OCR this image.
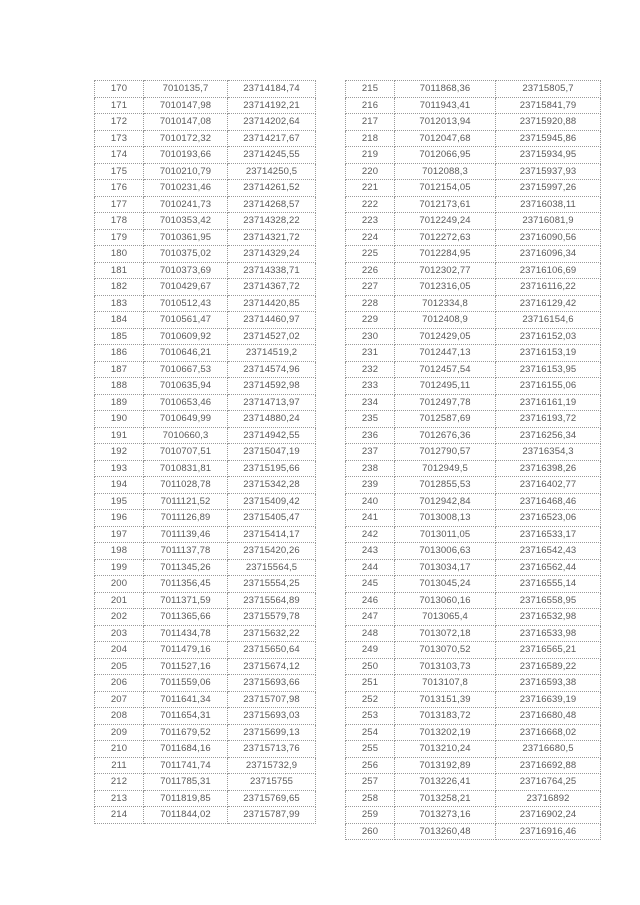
170	7010135,7	23714184,74
171	7010147,98	23714192,21
172	7010147,08	23714202,64
173	7010172,32	23714217,67
174	7010193,66	23714245,55
175	7010210,79	23714250,5
176	7010231,46	23714261,52
177	7010241,73	23714268,57
178	7010353,42	23714328,22
179	7010361,95	23714321,72
180	7010375,02	23714329,24
181	7010373,69	23714338,71
182	7010429,67	23714367,72
183	7010512,43	23714420,85
184	7010561,47	23714460,97
185	7010609,92	23714527,02
186	7010646,21	23714519,2
187	7010667,53	23714574,96
188	7010635,94	23714592,98
189	7010653,46	23714713,97
190	7010649,99	23714880,24
191	7010660,3	23714942,55
192	7010707,51	23715047,19
193	7010831,81	23715195,66
194	7011028,78	23715342,28
195	7011121,52	23715409,42
196	7011126,89	23715405,47
197	7011139,46	23715414,17
198	7011137,78	23715420,26
199	7011345,26	23715564,5
200	7011356,45	23715554,25
201	7011371,59	23715564,89
202	7011365,66	23715579,78
203	7011434,78	23715632,22
204	7011479,16	23715650,64
205	7011527,16	23715674,12
206	7011559,06	23715693,66
207	7011641,34	23715707,98
208	7011654,31	23715693,03
209	7011679,52	23715699,13
210	7011684,16	23715713,76
211	7011741,74	23715732,9
212	7011785,31	23715755
213	7011819,85	23715769,65
214	7011844,02	23715787,99
215	7011868,36	23715805,7
216	7011943,41	23715841,79
217	7012013,94	23715920,88
218	7012047,68	23715945,86
219	7012066,95	23715934,95
220	7012088,3	23715937,93
221	7012154,05	23715997,26
222	7012173,61	23716038,11
223	7012249,24	23716081,9
224	7012272,63	23716090,56
225	7012284,95	23716096,34
226	7012302,77	23716106,69
227	7012316,05	23716116,22
228	7012334,8	23716129,42
229	7012408,9	23716154,6
230	7012429,05	23716152,03
231	7012447,13	23716153,19
232	7012457,54	23716153,95
233	7012495,11	23716155,06
234	7012497,78	23716161,19
235	7012587,69	23716193,72
236	7012676,36	23716256,34
237	7012790,57	23716354,3
238	7012949,5	23716398,26
239	7012855,53	23716402,77
240	7012942,84	23716468,46
241	7013008,13	23716523,06
242	7013011,05	23716533,17
243	7013006,63	23716542,43
244	7013034,17	23716562,44
245	7013045,24	23716555,14
246	7013060,16	23716558,95
247	7013065,4	23716532,98
248	7013072,18	23716533,98
249	7013070,52	23716565,21
250	7013103,73	23716589,22
251	7013107,8	23716593,38
252	7013151,39	23716639,19
253	7013183,72	23716680,48
254	7013202,19	23716668,02
255	7013210,24	23716680,5
256	7013192,89	23716692,88
257	7013226,41	23716764,25
258	7013258,21	23716892
259	7013273,16	23716902,24
260	7013260,48	23716916,46
